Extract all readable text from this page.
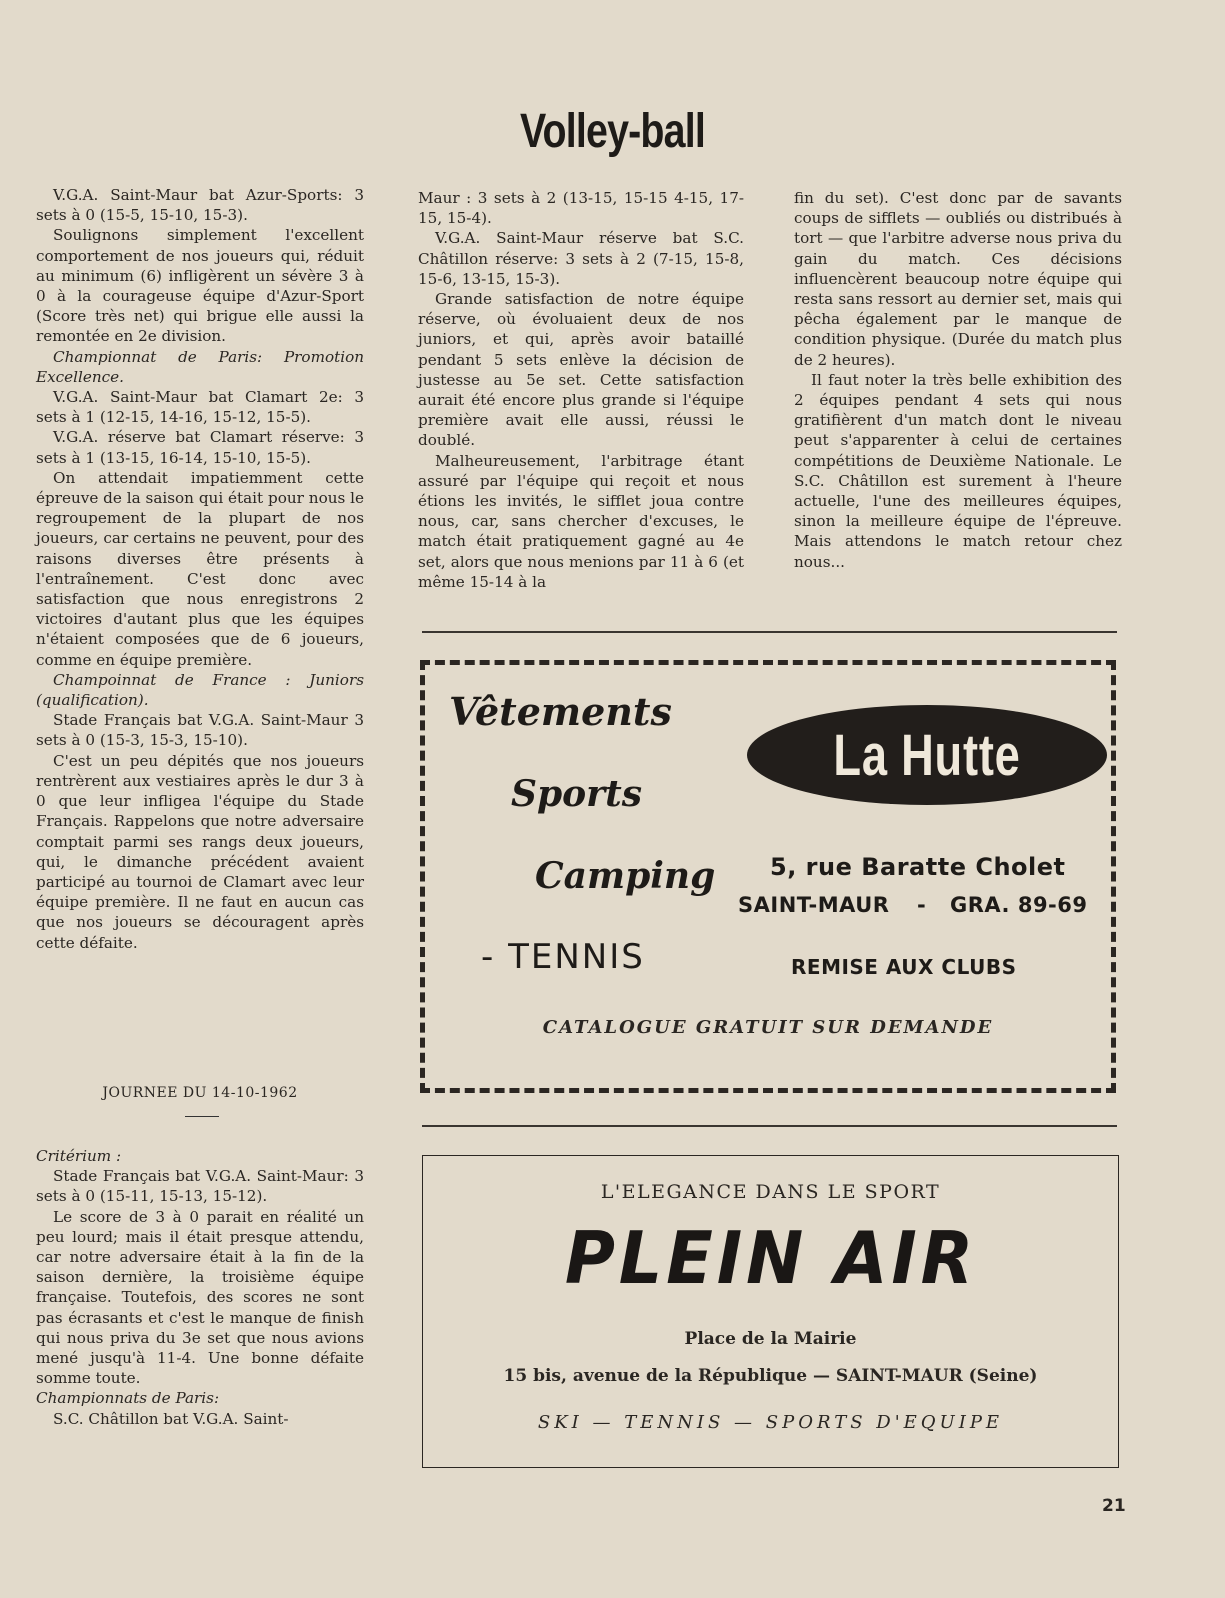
Volley-ball

V.G.A. Saint-Maur bat Azur-Sports: 3 sets à 0 (15-5, 15-10, 15-3).

Soulignons simplement l'excellent comportement de nos joueurs qui, réduit au minimum (6) infligèrent un sévère 3 à 0 à la courageuse équipe d'Azur-Sport (Score très net) qui brigue elle aussi la remontée en 2e division.

Championnat de Paris: Promotion Excellence.

V.G.A. Saint-Maur bat Clamart 2e: 3 sets à 1 (12-15, 14-16, 15-12, 15-5).

V.G.A. réserve bat Clamart réserve: 3 sets à 1 (13-15, 16-14, 15-10, 15-5).

On attendait impatiemment cette épreuve de la saison qui était pour nous le regroupement de la plupart de nos joueurs, car certains ne peuvent, pour des raisons diverses être présents à l'entraînement. C'est donc avec satisfaction que nous enregistrons 2 victoires d'autant plus que les équipes n'étaient composées que de 6 joueurs, comme en équipe première.

Champoinnat de France : Juniors (qualification).

Stade Français bat V.G.A. Saint-Maur 3 sets à 0 (15-3, 15-3, 15-10).

C'est un peu dépités que nos joueurs rentrèrent aux vestiaires après le dur 3 à 0 que leur infligea l'équipe du Stade Français. Rappelons que notre adversaire comptait parmi ses rangs deux joueurs, qui, le dimanche précédent avaient participé au tournoi de Clamart avec leur équipe première. Il ne faut en aucun cas que nos joueurs se découragent après cette défaite.

JOURNEE DU 14-10-1962

Critérium :

Stade Français bat V.G.A. Saint-Maur: 3 sets à 0 (15-11, 15-13, 15-12).

Le score de 3 à 0 parait en réalité un peu lourd; mais il était presque attendu, car notre adversaire était à la fin de la saison dernière, la troisième équipe française. Toutefois, des scores ne sont pas écrasants et c'est le manque de finish qui nous priva du 3e set que nous avions mené jusqu'à 11-4. Une bonne défaite somme toute.

Championnats de Paris:

S.C. Châtillon bat V.G.A. Saint-

Maur : 3 sets à 2 (13-15, 15-15 4-15, 17-15, 15-4).

V.G.A. Saint-Maur réserve bat S.C. Châtillon réserve: 3 sets à 2 (7-15, 15-8, 15-6, 13-15, 15-3).

Grande satisfaction de notre équipe réserve, où évoluaient deux de nos juniors, et qui, après avoir bataillé pendant 5 sets enlève la décision de justesse au 5e set. Cette satisfaction aurait été encore plus grande si l'équipe première avait elle aussi, réussi le doublé.

Malheureusement, l'arbitrage étant assuré par l'équipe qui reçoit et nous étions les invités, le sifflet joua contre nous, car, sans chercher d'excuses, le match était pratiquement gagné au 4e set, alors que nous menions par 11 à 6 (et même 15-14 à la

fin du set). C'est donc par de savants coups de sifflets — oubliés ou distribués à tort — que l'arbitre adverse nous priva du gain du match. Ces décisions influencèrent beaucoup notre équipe qui resta sans ressort au dernier set, mais qui pêcha également par le manque de condition physique. (Durée du match plus de 2 heures).

Il faut noter la très belle exhibition des 2 équipes pendant 4 sets qui nous gratifièrent d'un match dont le niveau peut s'apparenter à celui de certaines compétitions de Deuxième Nationale. Le S.C. Châtillon est surement à l'heure actuelle, l'une des meilleures équipes, sinon la meilleure équipe de l'épreuve. Mais attendons le match retour chez nous...

Vêtements
Sports
Camping
- TENNIS
La Hutte
5, rue Baratte Cholet
SAINT-MAUR - GRA. 89-69
REMISE AUX CLUBS
CATALOGUE GRATUIT SUR DEMANDE
L'ELEGANCE DANS LE SPORT
PLEIN AIR
Place de la Mairie
15 bis, avenue de la République — SAINT-MAUR (Seine)
SKI — TENNIS — SPORTS D'EQUIPE
21
